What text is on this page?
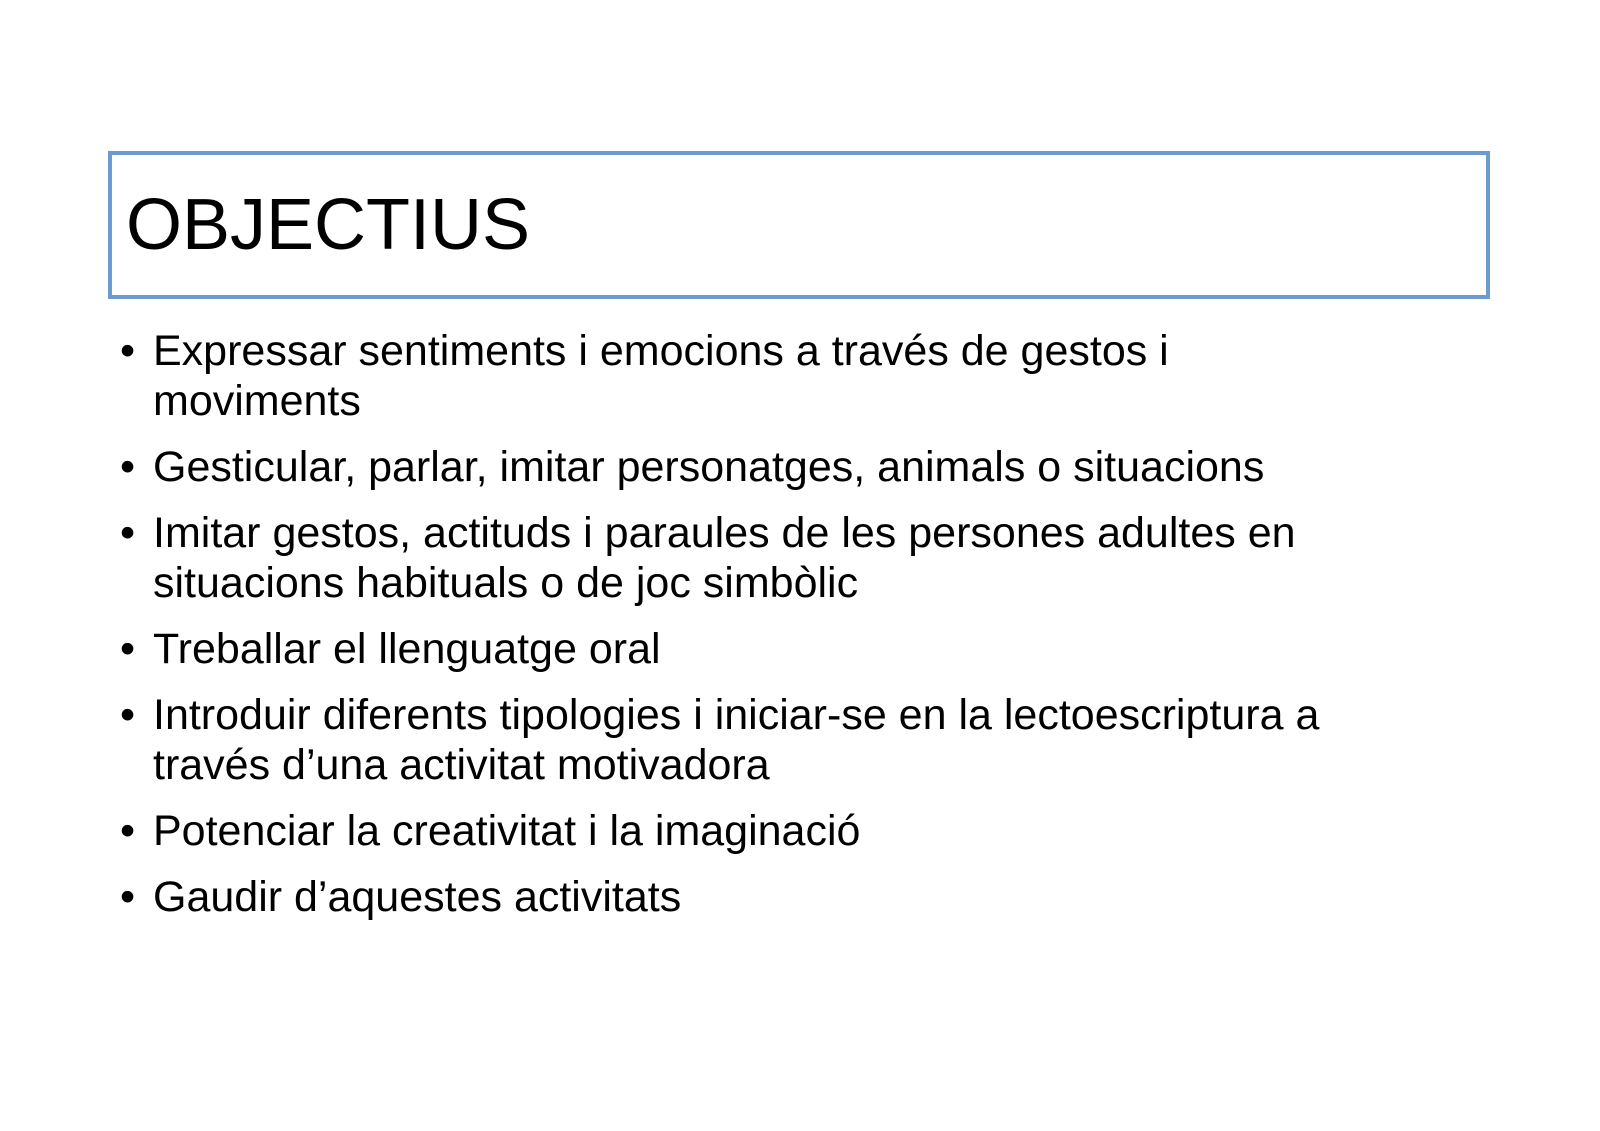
OBJECTIUS
• Expressar sentiments i emocions a través de gestos i moviments
• Gesticular, parlar, imitar personatges, animals o situacions
• Imitar gestos, actituds i paraules de les persones adultes en situacions habituals o de joc simbòlic
• Treballar el llenguatge oral
• Introduir diferents tipologies i iniciar-se en la lectoescriptura a través d’una activitat motivadora
• Potenciar la creativitat i la imaginació
• Gaudir d’aquestes activitats
